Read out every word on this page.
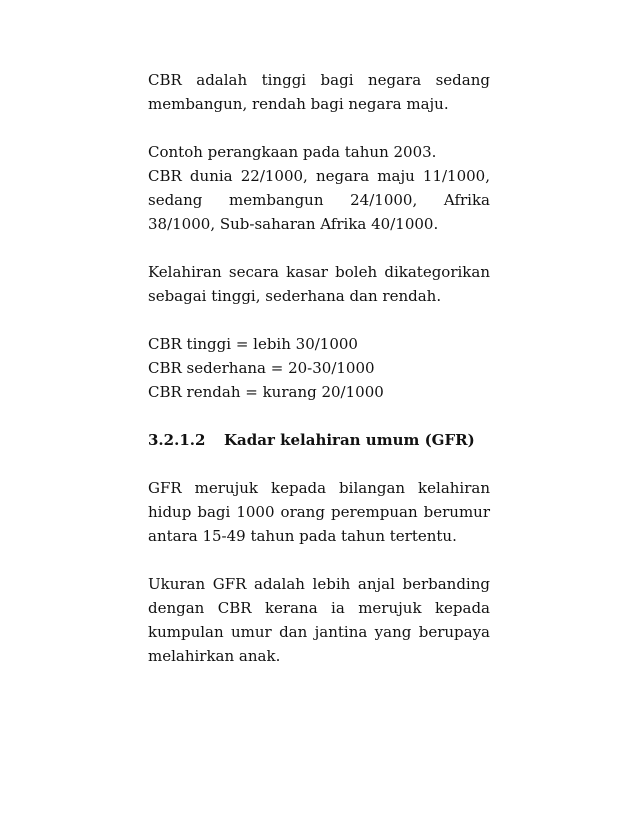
CBR adalah tinggi bagi negara sedang
membangun, rendah bagi negara maju.
Contoh perangkaan pada tahun 2003.
CBR dunia 22/1000, negara maju 11/1000,
sedang membangun 24/1000, Afrika
38/1000, Sub-saharan Afrika 40/1000.
Kelahiran secara kasar boleh dikategorikan
sebagai tinggi, sederhana dan rendah.
CBR tinggi = lebih 30/1000
CBR sederhana = 20-30/1000
CBR rendah = kurang 20/1000
3.2.1.2	Kadar kelahiran umum (GFR)
GFR merujuk kepada bilangan kelahiran
hidup bagi 1000 orang perempuan berumur
antara 15-49 tahun pada tahun tertentu.
Ukuran GFR adalah lebih anjal berbanding
dengan CBR kerana ia merujuk kepada
kumpulan umur dan jantina yang berupaya
melahirkan anak.
